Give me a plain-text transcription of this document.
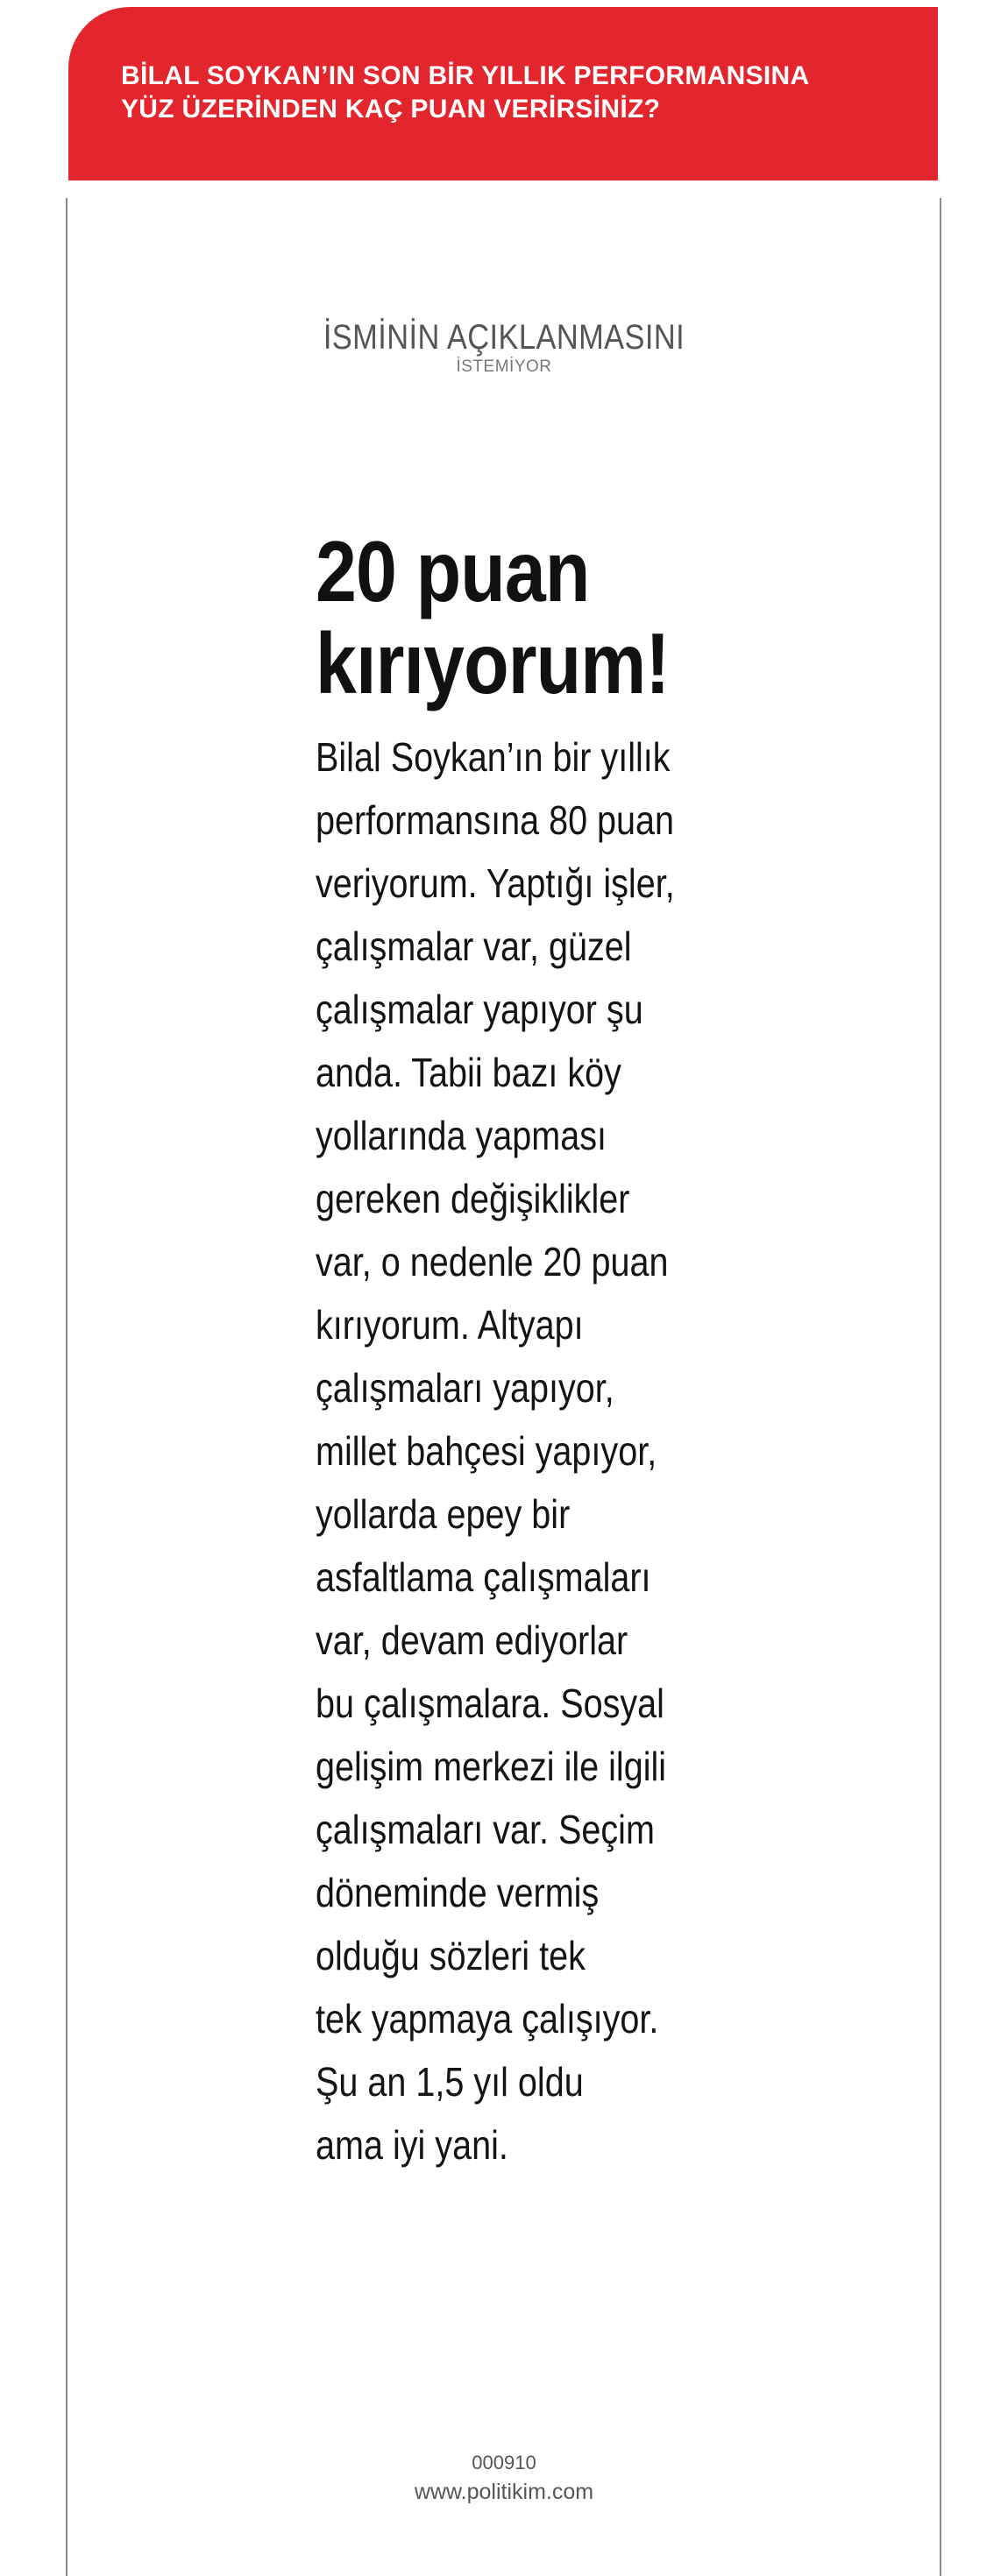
BİLAL SOYKAN’IN SON BİR YILLIK PERFORMANSINA
YÜZ ÜZERİNDEN KAÇ PUAN VERİRSİNİZ?
İSMİNİN AÇIKLANMASINI
İSTEMİYOR
20 puan
kırıyorum!
Bilal Soykan’ın bir yıllık
performansına 80 puan
veriyorum. Yaptığı işler,
çalışmalar var, güzel
çalışmalar yapıyor şu
anda. Tabii bazı köy
yollarında yapması
gereken değişiklikler
var, o nedenle 20 puan
kırıyorum. Altyapı
çalışmaları yapıyor,
millet bahçesi yapıyor,
yollarda epey bir
asfaltlama çalışmaları
var, devam ediyorlar
bu çalışmalara. Sosyal
gelişim merkezi ile ilgili
çalışmaları var. Seçim
döneminde vermiş
olduğu sözleri tek
tek yapmaya çalışıyor.
Şu an 1,5 yıl oldu
ama iyi yani.
000910
www.politikim.com
